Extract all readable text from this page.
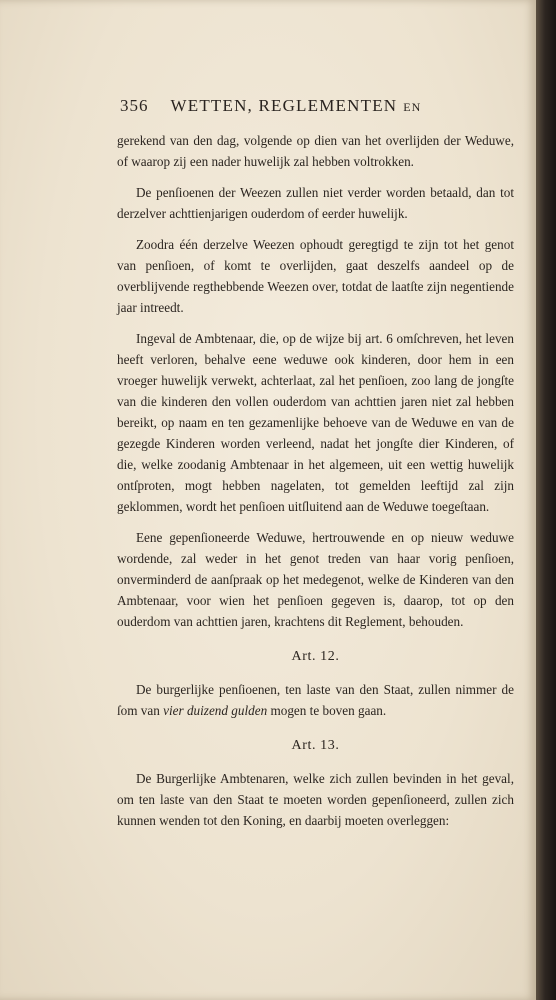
356 WETTEN, REGLEMENTEN EN

gerekend van den dag, volgende op dien van het overlijden der Weduwe, of waarop zij een nader huwelijk zal hebben voltrokken.

De penſioenen der Weezen zullen niet verder worden betaald, dan tot derzelver achttienjarigen ouderdom of eerder huwelijk.

Zoodra één derzelve Weezen ophoudt geregtigd te zijn tot het genot van penſioen, of komt te overlijden, gaat deszelfs aandeel op de overblijvende regthebbende Weezen over, totdat de laatſte zijn negentiende jaar intreedt.

Ingeval de Ambtenaar, die, op de wijze bij art. 6 omſchreven, het leven heeft verloren, behalve eene weduwe ook kinderen, door hem in een vroeger huwelijk verwekt, achterlaat, zal het penſioen, zoo lang de jongſte van die kinderen den vollen ouderdom van achttien jaren niet zal hebben bereikt, op naam en ten gezamenlijke behoeve van de Weduwe en van de gezegde Kinderen worden verleend, nadat het jongſte dier Kinderen, of die, welke zoodanig Ambtenaar in het algemeen, uit een wettig huwelijk ontſproten, mogt hebben nagelaten, tot gemelden leeftijd zal zijn geklommen, wordt het penſioen uitſluitend aan de Weduwe toegeſtaan.

Eene gepenſioneerde Weduwe, hertrouwende en op nieuw weduwe wordende, zal weder in het genot treden van haar vorig penſioen, onverminderd de aanſpraak op het medegenot, welke de Kinderen van den Ambtenaar, voor wien het penſioen gegeven is, daarop, tot op den ouderdom van achttien jaren, krachtens dit Reglement, behouden.

Art. 12.

De burgerlijke penſioenen, ten laste van den Staat, zullen nimmer de ſom van vier duizend gulden mogen te boven gaan.

Art. 13.

De Burgerlijke Ambtenaren, welke zich zullen bevinden in het geval, om ten laste van den Staat te moeten worden gepenſioneerd, zullen zich kunnen wenden tot den Koning, en daarbij moeten overleggen:
